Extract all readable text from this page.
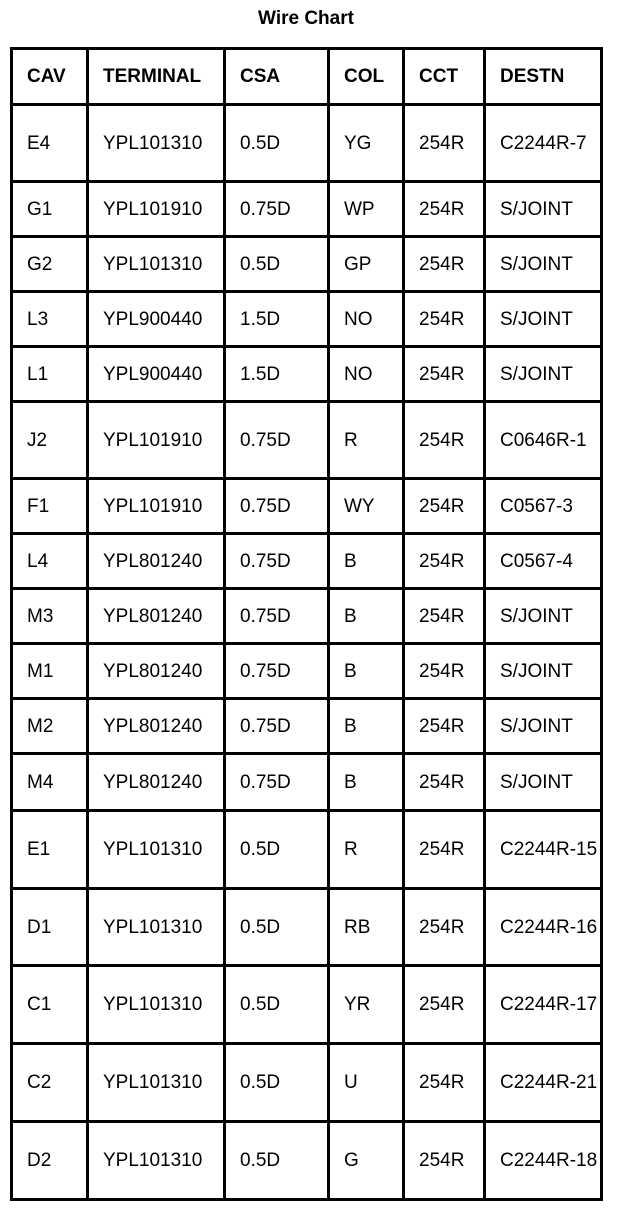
Wire Chart
CAV	TERMINAL	CSA	COL	CCT	DESTN
E4	YPL101310	0.5D	YG	254R	C2244R-7
G1	YPL101910	0.75D	WP	254R	S/JOINT
G2	YPL101310	0.5D	GP	254R	S/JOINT
L3	YPL900440	1.5D	NO	254R	S/JOINT
L1	YPL900440	1.5D	NO	254R	S/JOINT
J2	YPL101910	0.75D	R	254R	C0646R-1
F1	YPL101910	0.75D	WY	254R	C0567-3
L4	YPL801240	0.75D	B	254R	C0567-4
M3	YPL801240	0.75D	B	254R	S/JOINT
M1	YPL801240	0.75D	B	254R	S/JOINT
M2	YPL801240	0.75D	B	254R	S/JOINT
M4	YPL801240	0.75D	B	254R	S/JOINT
E1	YPL101310	0.5D	R	254R	C2244R-15
D1	YPL101310	0.5D	RB	254R	C2244R-16
C1	YPL101310	0.5D	YR	254R	C2244R-17
C2	YPL101310	0.5D	U	254R	C2244R-21
D2	YPL101310	0.5D	G	254R	C2244R-18
